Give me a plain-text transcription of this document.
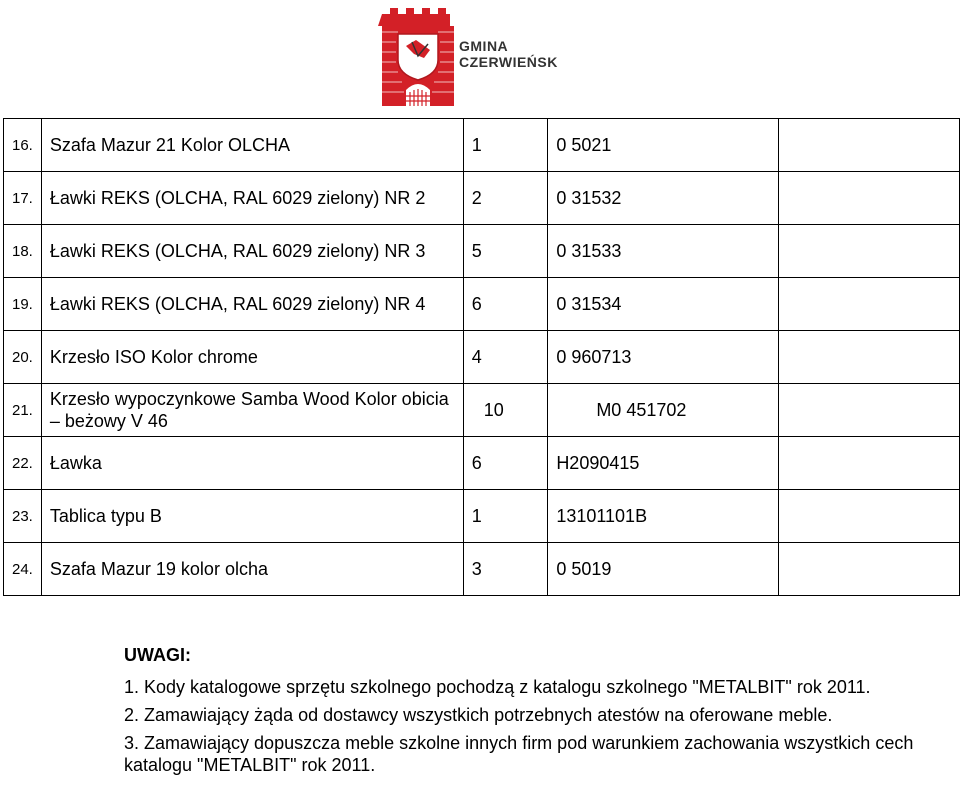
GMINA
CZERWIEŃSK
16.	Szafa Mazur 21 Kolor OLCHA	1	0 5021	
17.	Ławki REKS (OLCHA, RAL 6029 zielony) NR 2	2	0 31532	
18.	Ławki REKS (OLCHA, RAL 6029 zielony) NR 3	5	0 31533	
19.	Ławki REKS (OLCHA, RAL 6029 zielony) NR 4	6	0 31534	
20.	Krzesło ISO Kolor chrome	4	0 960713	
21.	Krzesło wypoczynkowe Samba Wood Kolor obicia – beżowy V 46	10	M0 451702	
22.	Ławka	6	H2090415	
23.	Tablica typu B	1	13101101B	
24.	Szafa Mazur 19 kolor olcha	3	0 5019	
UWAGI:
1. Kody katalogowe sprzętu szkolnego pochodzą z katalogu szkolnego "METALBIT" rok 2011.
2. Zamawiający żąda od dostawcy wszystkich potrzebnych atestów na oferowane meble.
3. Zamawiający dopuszcza meble szkolne innych firm pod warunkiem zachowania wszystkich cech
katalogu "METALBIT" rok 2011.
